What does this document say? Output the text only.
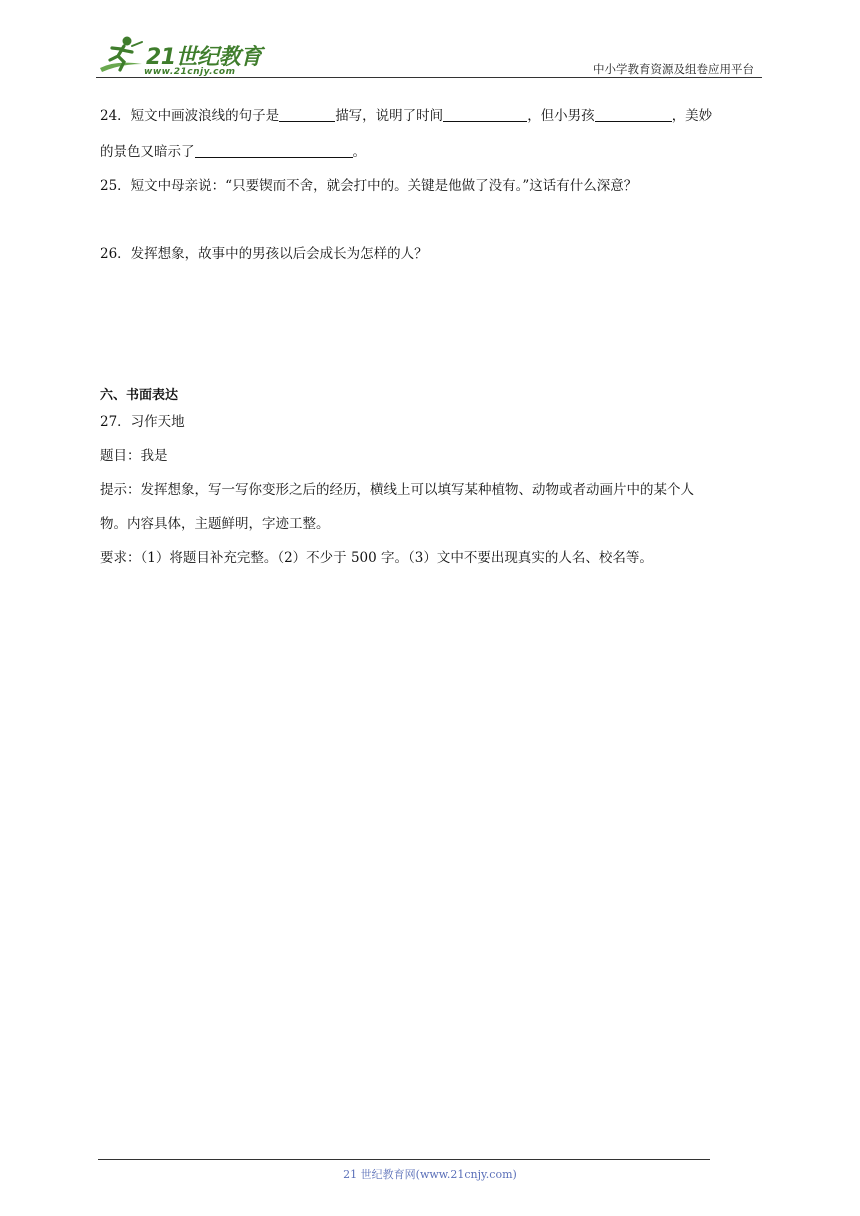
21世纪教育
www.21cnjy.com	中小学教育资源及组卷应用平台
24．短文中画波浪线的句子是	描写，说明了时间	，但小男孩	，美妙
的景色又暗示了	。
25．短文中母亲说：“只要锲而不舍，就会打中的。关键是他做了没有。”这话有什么深意？
26．发挥想象，故事中的男孩以后会成长为怎样的人？
六、书面表达
27．习作天地
题目：我是
提示：发挥想象，写一写你变形之后的经历，横线上可以填写某种植物、动物或者动画片中的某个人
物。内容具体，主题鲜明，字迹工整。
要求：（1）将题目补充完整。（2）不少于 500 字。（3）文中不要出现真实的人名、校名等。
21 世纪教育网(www.21cnjy.com)
